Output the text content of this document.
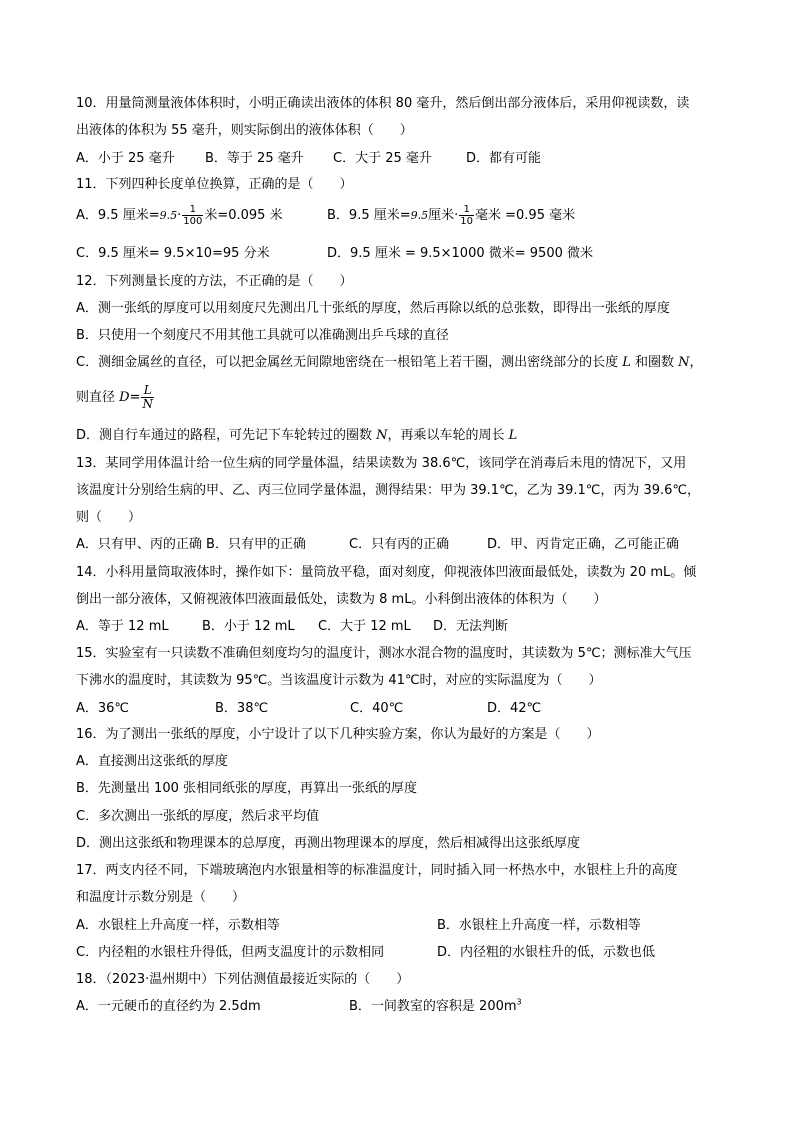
10．用量筒测量液体体积时，小明正确读出液体的体积 80 毫升，然后倒出部分液体后，采用仰视读数，读
出液体的体积为 55 毫升，则实际倒出的液体体积（　　）
A．小于 25 毫升 B．等于 25 毫升 C．大于 25 毫升	D．都有可能
11．下列四种长度单位换算，正确的是（　　）
A．9.5 厘米$=9.5\cdot \frac{1}{100}$ 米=0.095 米	B．9.5 厘米=9.5厘米· $\frac{1}{10}$ 毫米 =0.95 毫米
C．9.5 厘米= 9.5×10=95 分米	D．9.5 厘米 = 9.5×1000 微米= 9500 微米
12．下列测量长度的方法，不正确的是（　　）
A．测一张纸的厚度可以用刻度尺先测出几十张纸的厚度，然后再除以纸的总张数，即得出一张纸的厚度
B．只使用一个刻度尺不用其他工具就可以准确测出乒乓球的直径
C．测细金属丝的直径，可以把金属丝无间隙地密绕在一根铅笔上若干圈，测出密绕部分的长度 L 和圈数 N，
则直径 $D= \frac{L}{N}$
D．测自行车通过的路程，可先记下车轮转过的圈数 N，再乘以车轮的周长 L
13．某同学用体温计给一位生病的同学量体温，结果读数为 38.6℃，该同学在消毒后未甩的情况下，又用
该温度计分别给生病的甲、乙、丙三位同学量体温，测得结果：甲为 39.1℃，乙为 39.1℃，丙为 39.6℃，
则（　　）
A．只有甲、丙的正确 B．只有甲的正确	C．只有丙的正确	D．甲、丙肯定正确，乙可能正确
14．小科用量筒取液体时，操作如下：量筒放平稳，面对刻度，仰视液体凹液面最低处，读数为 20 mL。倾
倒出一部分液体，又俯视液体凹液面最低处，读数为 8 mL。小科倒出液体的体积为（　　）
A．等于 12 mL	B．小于 12 mL C．大于 12 mL D．无法判断
15．实验室有一只读数不准确但刻度均匀的温度计，测冰水混合物的温度时，其读数为 5℃；测标准大气压
下沸水的温度时，其读数为 95℃。当该温度计示数为 41℃时，对应的实际温度为（　　）
A．36℃	B．38℃	C．40℃	D．42℃
16．为了测出一张纸的厚度，小宁设计了以下几种实验方案，你认为最好的方案是（　　）
A．直接测出这张纸的厚度
B．先测量出 100 张相同纸张的厚度，再算出一张纸的厚度
C．多次测出一张纸的厚度，然后求平均值
D．测出这张纸和物理课本的总厚度，再测出物理课本的厚度，然后相减得出这张纸厚度
17．两支内径不同，下端玻璃泡内水银量相等的标准温度计，同时插入同一杯热水中，水银柱上升的高度
和温度计示数分别是（　　）
A．水银柱上升高度一样，示数相等	B．水银柱上升高度一样，示数相等
C．内径粗的水银柱升得低，但两支温度计的示数相同	D．内径粗的水银柱升的低，示数也低
18．（2023·温州期中）下列估测值最接近实际的（　　）
A．一元硬币的直径约为 2.5dm	B．一间教室的容积是 $200m^3$
